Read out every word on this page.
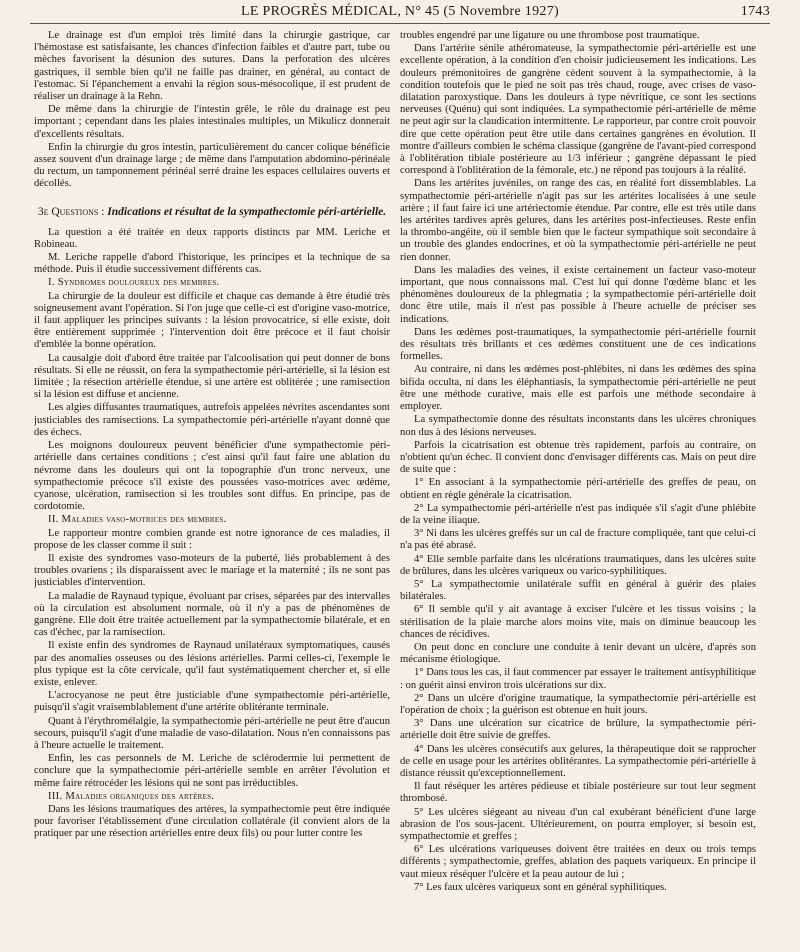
LE PROGRÈS MÉDICAL, N° 45 (5 Novembre 1927)	1743

Le drainage est d'un emploi très limité dans la chirurgie gastrique, car l'hémostase est satisfaisante, les chances d'infection faibles et d'autre part, tube ou mèches favorisent la désunion des sutures. Dans la perforation des ulcères gastriques, il semble bien qu'il ne faille pas drainer, en général, au contact de l'estomac. Si l'épanchement a envahi la région sous-mésocolique, il est prudent de réaliser un drainage à la Rehn.

De même dans la chirurgie de l'intestin grêle, le rôle du drainage est peu important ; cependant dans les plaies intestinales multiples, un Mikulicz donnerait d'excellents résultats.

Enfin la chirurgie du gros intestin, particulièrement du cancer colique bénéficie assez souvent d'un drainage large ; de même dans l'amputation abdomino-périnéale du rectum, un tamponnement périnéal serré draine les espaces cellulaires ouverts et décollés.

3e Questions : Indications et résultat de la sympathectomie péri-artérielle.

La question a été traitée en deux rapports distincts par MM. Leriche et Robineau.

M. Leriche rappelle d'abord l'historique, les principes et la technique de sa méthode. Puis il étudie successivement différents cas.

I. Syndromes douloureux des membres.

La chirurgie de la douleur est difficile et chaque cas demande à être étudié très soigneusement avant l'opération. Si l'on juge que celle-ci est d'origine vaso-motrice, il faut appliquer les principes suivants : la lésion provocatrice, si elle existe, doit être entièrement supprimée ; l'intervention doit être précoce et il faut choisir d'emblée la bonne opération.

La causalgie doit d'abord être traitée par l'alcoolisation qui peut donner de bons résultats. Si elle ne réussit, on fera la sympathectomie péri-artérielle, si la lésion est limitée ; la résection artérielle étendue, si une artère est oblitérée ; une ramisection si la lésion est diffuse et ancienne.

Les algies diffusantes traumatiques, autrefois appelées névrites ascendantes sont justiciables des ramisections. La sympathectomie péri-artérielle n'ayant donné que des échecs.

Les moignons douloureux peuvent bénéficier d'une sympathectomie péri-artérielle dans certaines conditions ; c'est ainsi qu'il faut faire une ablation du névrome dans les douleurs qui ont la topographie d'un tronc nerveux, une sympathectomie précoce s'il existe des poussées vaso-motrices avec œdème, cyanose, ulcération, ramisection si les troubles sont diffus. En principe, pas de cordotomie.

II. Maladies vaso-motrices des membres.

Le rapporteur montre combien grande est notre ignorance de ces maladies, il propose de les classer comme il suit :

Il existe des syndromes vaso-moteurs de la puberté, liés probablement à des troubles ovariens ; ils disparaissent avec le mariage et la maternité ; ils ne sont pas justiciables d'intervention.

La maladie de Raynaud typique, évoluant par crises, séparées par des intervalles où la circulation est absolument normale, où il n'y a pas de phénomènes de gangrène. Elle doit être traitée actuellement par la sympathectomie bilatérale, et en cas d'échec, par la ramisection.

Il existe enfin des syndromes de Raynaud unilatéraux symptomatiques, causés par des anomalies osseuses ou des lésions artérielles. Parmi celles-ci, l'exemple le plus typique est la côte cervicale, qu'il faut systématiquement chercher et, si elle existe, enlever.

L'acrocyanose ne peut être justiciable d'une sympathectomie péri-artérielle, puisqu'il s'agit vraisemblablement d'une artérite oblitérante terminale.

Quant à l'érythromélalgie, la sympathectomie péri-artérielle ne peut être d'aucun secours, puisqu'il s'agit d'une maladie de vaso-dilatation. Nous n'en connaissons pas à l'heure actuelle le traitement.

Enfin, les cas personnels de M. Leriche de sclérodermie lui permettent de conclure que la sympathectomie péri-artérielle semble en arrêter l'évolution et même faire rétrocéder les lésions qui ne sont pas irréductibles.

III. Maladies organiques des artères.

Dans les lésions traumatiques des artères, la sympathectomie peut être indiquée pour favoriser l'établissement d'une circulation collatérale (il convient alors de la pratiquer par une résection artérielles entre deux fils) ou pour lutter contre les

troubles engendré par une ligature ou une thrombose post traumatique.

Dans l'artérite sénile athéromateuse, la sympathectomie péri-artérielle est une excellente opération, à la condition d'en choisir judicieusement les indications. Les douleurs prémonitoires de gangrène cèdent souvent à la sympathectomie, à la condition toutefois que le pied ne soit pas très chaud, rouge, avec crises de vaso-dilatation paroxystique. Dans les douleurs à type névritique, ce sont les sections nerveuses (Quénu) qui sont indiquées. La sympathectomie péri-artérielle de même ne peut agir sur la claudication intermittente. Le rapporteur, par contre croit pouvoir dire que cette opération peut être utile dans certaines gangrènes en évolution. Il montre d'ailleurs combien le schéma classique (gangrène de l'avant-pied correspond à l'oblitération tibiale postérieure au 1/3 inférieur ; gangrène dépassant le pied correspond à l'oblitération de la fémorale, etc.) ne répond pas toujours à la réalité.

Dans les artérites juvéniles, on range des cas, en réalité fort dissemblables. La sympathectomie péri-artérielle n'agit pas sur les artérites localisées à une seule artère ; il faut faire ici une artériectomie étendue. Par contre, elle est très utile dans les artérites tardives après gelures, dans les artérites post-infectieuses. Reste enfin la thrombo-angéite, où il semble bien que le facteur sympathique soit secondaire à un trouble des glandes endocrines, et où la sympathectomie péri-artérielle ne peut rien donner.

Dans les maladies des veines, il existe certainement un facteur vaso-moteur important, que nous connaissons mal. C'est lui qui donne l'œdème blanc et les phénomènes douloureux de la phlegmatia ; la sympathectomie péri-artérielle doit donc être utile, mais il n'est pas possible à l'heure actuelle de préciser ses indications.

Dans les œdèmes post-traumatiques, la sympathectomie péri-artérielle fournit des résultats très brillants et ces œdèmes constituent une de ces indications formelles.

Au contraire, ni dans les œdèmes post-phlébites, ni dans les œdèmes des spina bifida occulta, ni dans les éléphantiasis, la sympathectomie péri-artérielle ne peut être une méthode curative, mais elle est parfois une méthode secondaire à employer.

La sympathectomie donne des résultats inconstants dans les ulcères chroniques non dus à des lésions nerveuses.

Parfois la cicatrisation est obtenue très rapidement, parfois au contraire, on n'obtient qu'un échec. Il convient donc d'envisager différents cas. Mais on peut dire de suite que :

1° En associant à la sympathectomie péri-artérielle des greffes de peau, on obtient en règle générale la cicatrisation.

2° La sympathectomie péri-artérielle n'est pas indiquée s'il s'agit d'une phlébite de la veine iliaque.

3° Ni dans les ulcères greffés sur un cal de fracture compliquée, tant que celui-ci n'a pas été abrasé.

4° Elle semble parfaite dans les ulcérations traumatiques, dans les ulcères suite de brûlures, dans les ulcères variqueux ou varico-syphilitiques.

5° La sympathectomie unilatérale suffit en général à guérir des plaies bilatérales.

6° Il semble qu'il y ait avantage à exciser l'ulcère et les tissus voisins ; la stérilisation de la plaie marche alors moins vite, mais on diminue beaucoup les chances de récidives.

On peut donc en conclure une conduite à tenir devant un ulcère, d'après son mécanisme étiologique.

1° Dans tous les cas, il faut commencer par essayer le traitement antisyphilitique : on guérit ainsi environ trois ulcérations sur dix.

2° Dans un ulcère d'origine traumatique, la sympathectomie péri-artérielle est l'opération de choix ; la guérison est obtenue en huit jours.

3° Dans une ulcération sur cicatrice de brûlure, la sympathectomie péri-artérielle doit être suivie de greffes.

4° Dans les ulcères consécutifs aux gelures, la thérapeutique doit se rapprocher de celle en usage pour les artérites oblitérantes. La sympathectomie péri-artérielle à distance réussit qu'exceptionnellement.

Il faut réséquer les artères pédieuse et tibiale postérieure sur tout leur segment thrombosé.

5° Les ulcères siégeant au niveau d'un cal exubérant bénéficient d'une large abrasion de l'os sous-jacent. Ultérieurement, on pourra employer, si besoin est, sympathectomie et greffes ;

6° Les ulcérations variqueuses doivent être traitées en deux ou trois temps différents ; sympathectomie, greffes, ablation des paquets variqueux. En principe il vaut mieux réséquer l'ulcère et la peau autour de lui ;

7° Les faux ulcères variqueux sont en général syphilitiques.
